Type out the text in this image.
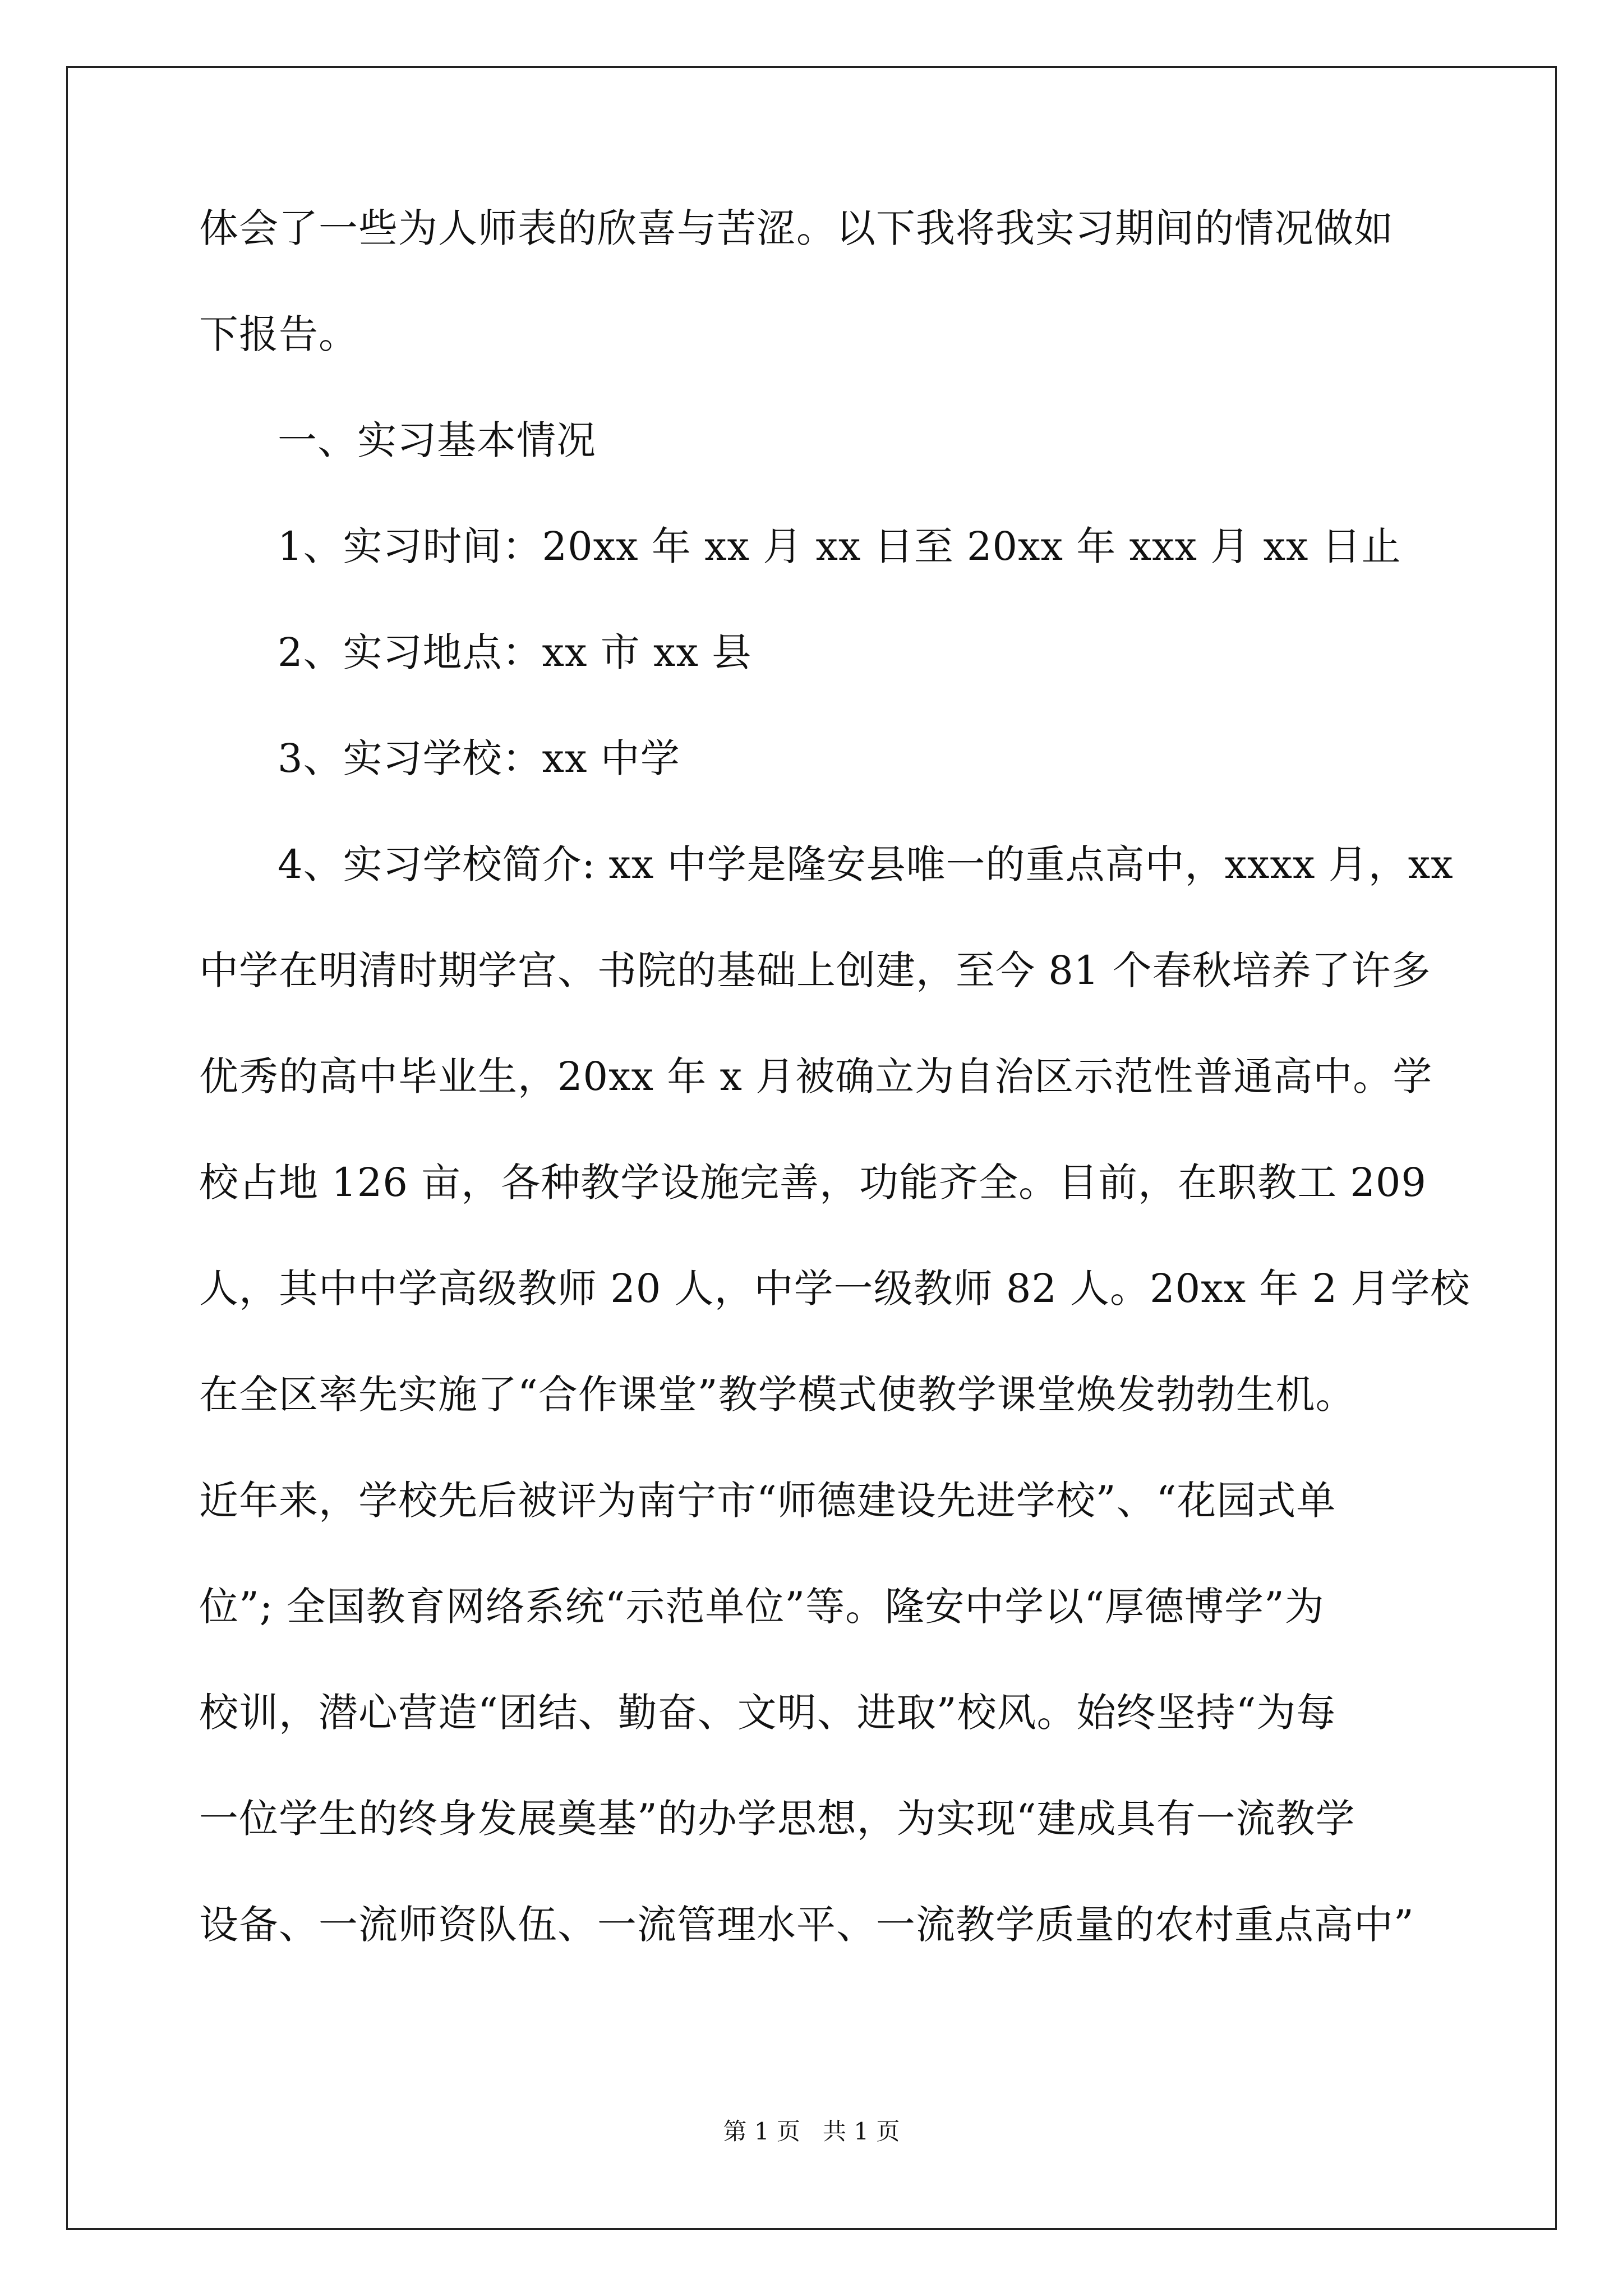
体会了一些为人师表的欣喜与苦涩。以下我将我实习期间的情况做如
下报告。
一、实习基本情况
1、实习时间：20xx 年 xx 月 xx 日至 20xx 年 xxx 月 xx 日止
2、实习地点：xx 市 xx 县
3、实习学校：xx 中学
4、实习学校简介: xx 中学是隆安县唯一的重点高中，xxxx 月，xx
中学在明清时期学宫、书院的基础上创建，至今 81 个春秋培养了许多
优秀的高中毕业生，20xx 年 x 月被确立为自治区示范性普通高中。学
校占地 126 亩，各种教学设施完善，功能齐全。目前，在职教工 209
人，其中中学高级教师 20 人，中学一级教师 82 人。20xx 年 2 月学校
在全区率先实施了“合作课堂”教学模式使教学课堂焕发勃勃生机。
近年来，学校先后被评为南宁市“师德建设先进学校”、“花园式单
位”; 全国教育网络系统“示范单位”等。隆安中学以“厚德博学”为
校训，潜心营造“团结、勤奋、文明、进取”校风。始终坚持“为每
一位学生的终身发展奠基”的办学思想，为实现“建成具有一流教学
设备、一流师资队伍、一流管理水平、一流教学质量的农村重点高中”
第 1 页   共 1 页
